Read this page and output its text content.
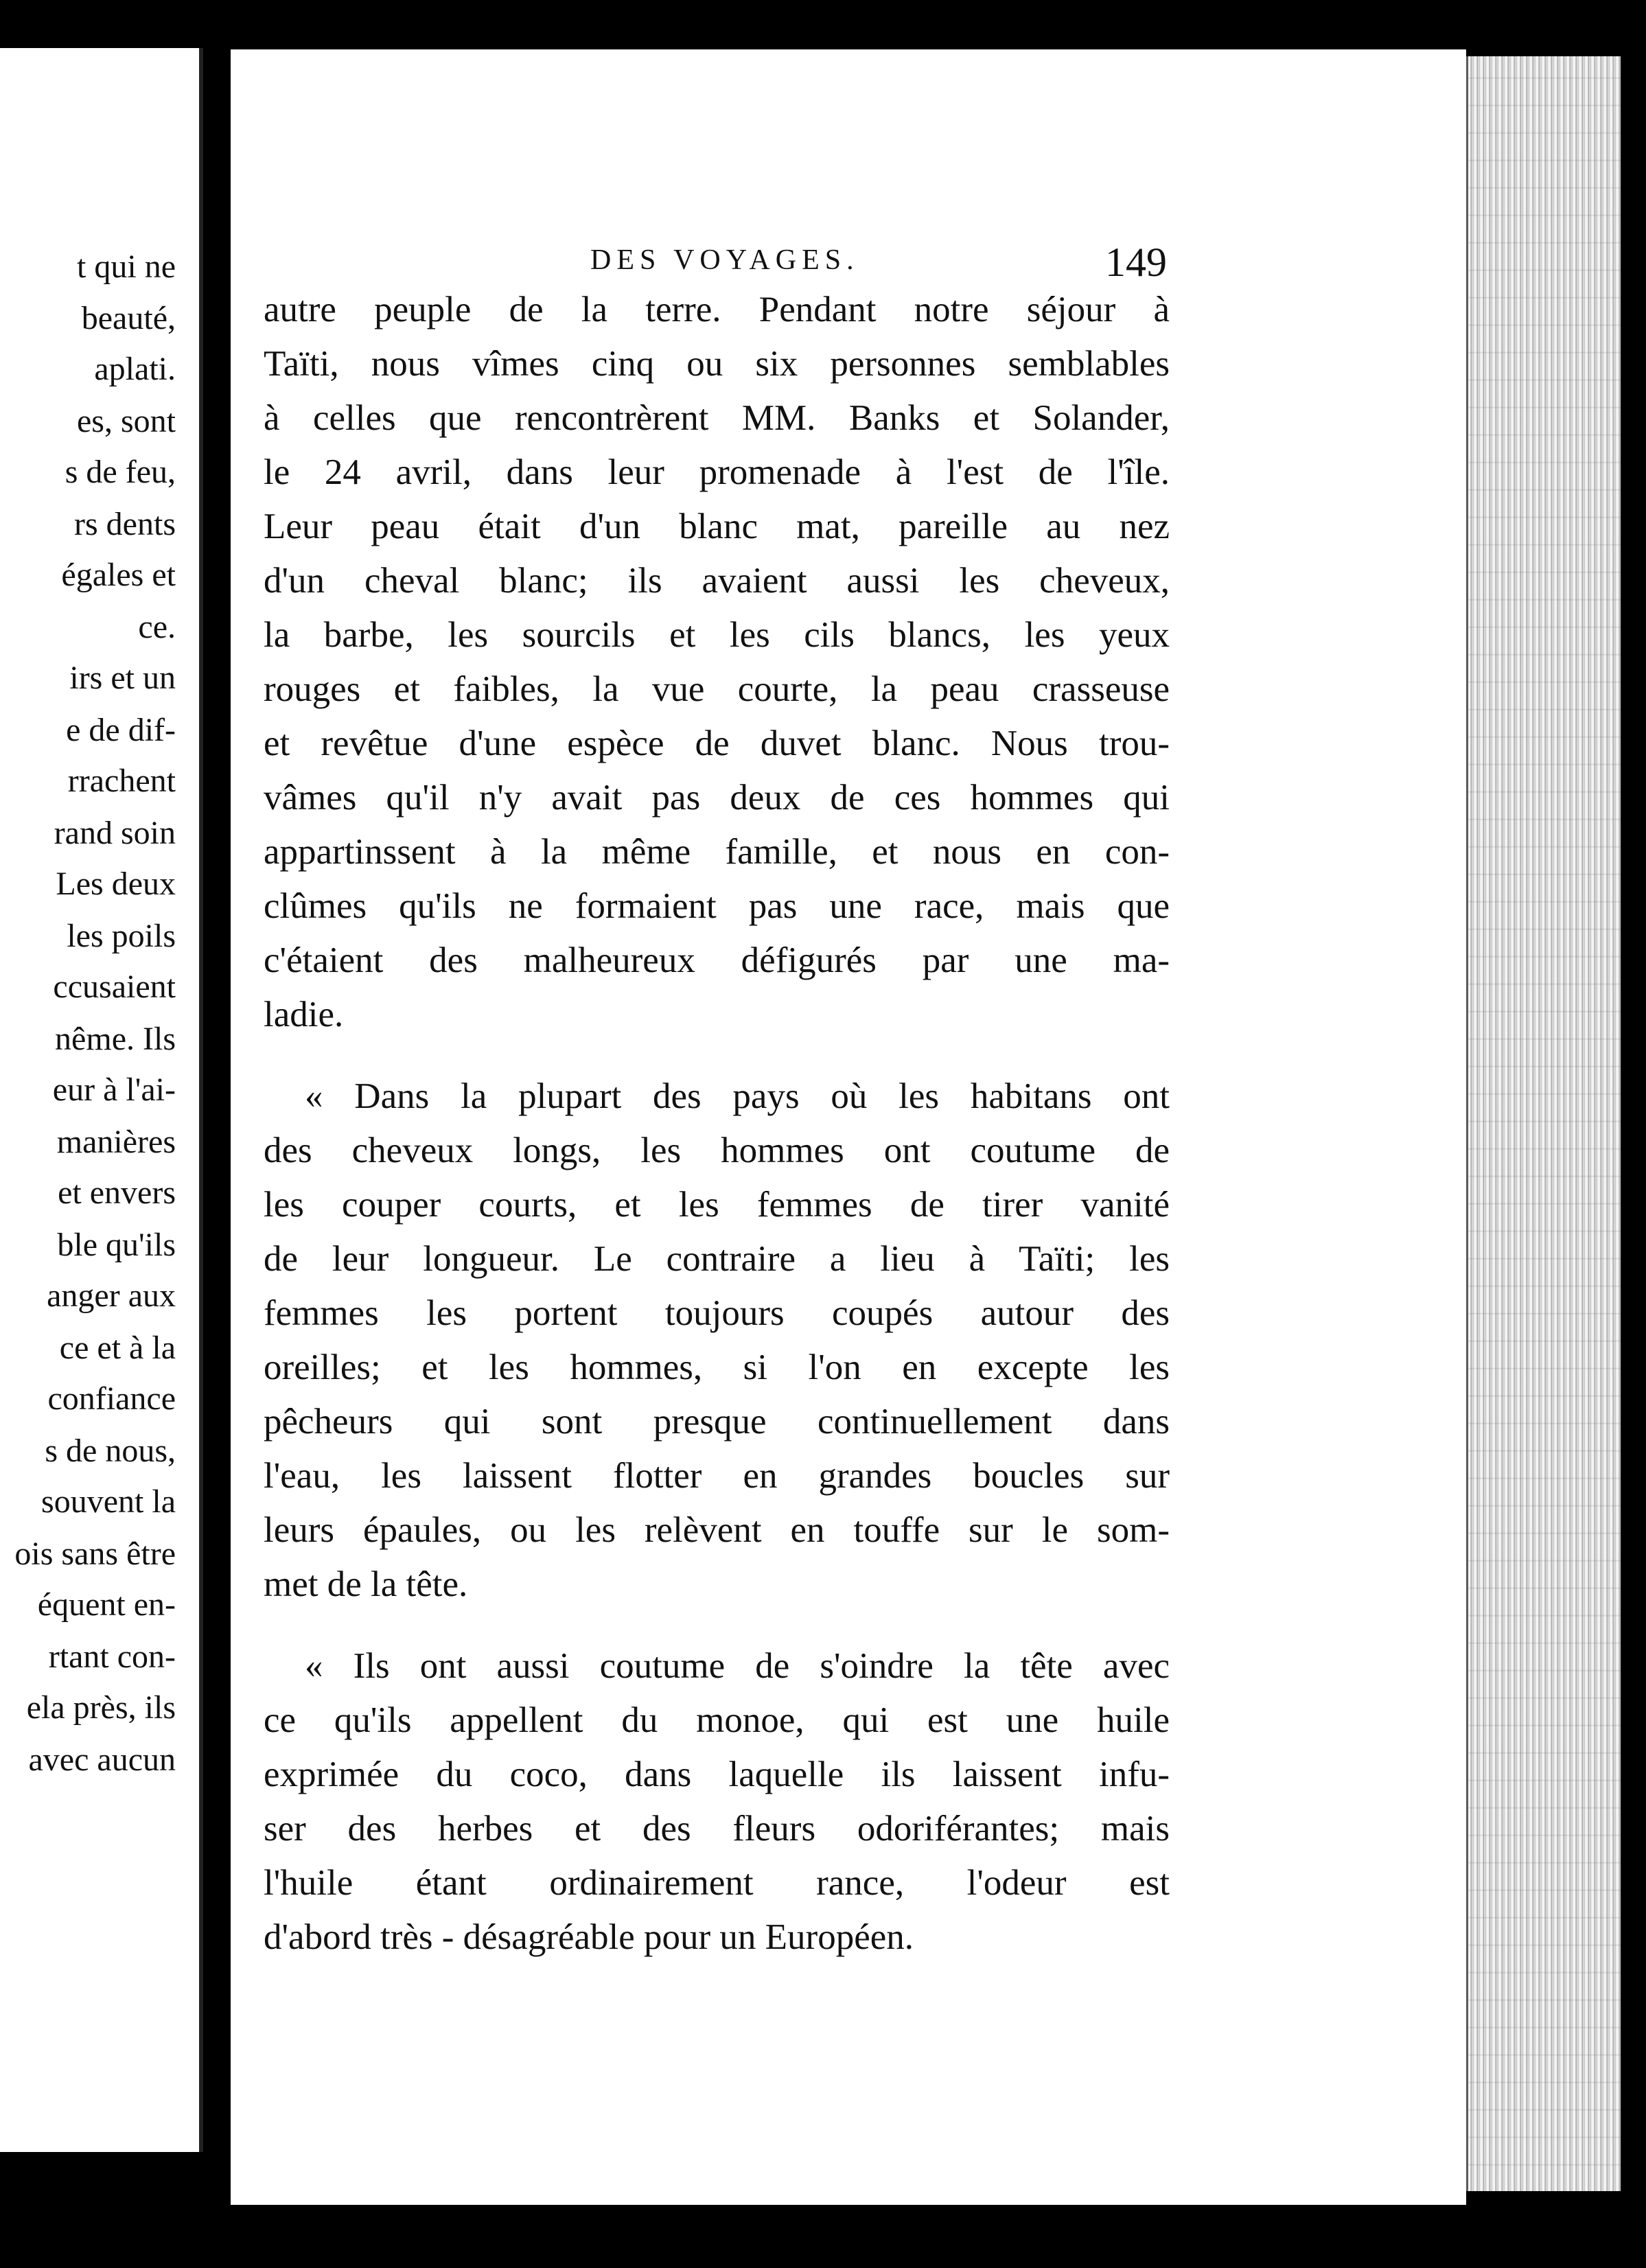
t qui ne
beauté,
aplati.
es, sont
s de feu,
rs dents
égales et
ce.
irs et un
e de dif-
rrachent
rand soin
Les deux
les poils
ccusaient
nême. Ils
eur à l'ai-
manières
et envers
ble qu'ils
anger aux
ce et à la
confiance
s de nous,
souvent la
ois sans être
équent en-
rtant con-
ela près, ils
avec aucun
DES VOYAGES.	149
autre peuple de la terre. Pendant notre séjour à
Taïti, nous vîmes cinq ou six personnes semblables
à celles que rencontrèrent MM. Banks et Solander,
le 24 avril, dans leur promenade à l'est de l'île.
Leur peau était d'un blanc mat, pareille au nez
d'un cheval blanc; ils avaient aussi les cheveux,
la barbe, les sourcils et les cils blancs, les yeux
rouges et faibles, la vue courte, la peau crasseuse
et revêtue d'une espèce de duvet blanc. Nous trou-
vâmes qu'il n'y avait pas deux de ces hommes qui
appartinssent à la même famille, et nous en con-
clûmes qu'ils ne formaient pas une race, mais que
c'étaient des malheureux défigurés par une ma-
ladie.
« Dans la plupart des pays où les habitans ont
des cheveux longs, les hommes ont coutume de
les couper courts, et les femmes de tirer vanité
de leur longueur. Le contraire a lieu à Taïti; les
femmes les portent toujours coupés autour des
oreilles; et les hommes, si l'on en excepte les
pêcheurs qui sont presque continuellement dans
l'eau, les laissent flotter en grandes boucles sur
leurs épaules, ou les relèvent en touffe sur le som-
met de la tête.
« Ils ont aussi coutume de s'oindre la tête avec
ce qu'ils appellent du monoe, qui est une huile
exprimée du coco, dans laquelle ils laissent infu-
ser des herbes et des fleurs odoriférantes; mais
l'huile étant ordinairement rance, l'odeur est
d'abord très - désagréable pour un Européen.
